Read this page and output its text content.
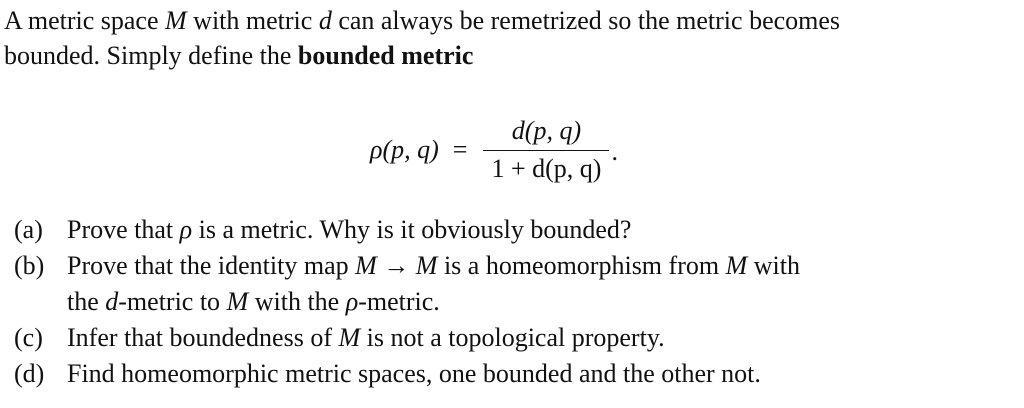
A metric space M with metric d can always be remetrized so the metric becomes
bounded. Simply define the bounded metric
ρ(p, $q) = \frac{d(p, q)}{1 + d(p, q)}$ .
(a) Prove that ρ is a metric. Why is it obviously bounded?
(b) Prove that the identity map M → M is a homeomorphism from M with
the d-metric to M with the ρ-metric.
(c) Infer that boundedness of M is not a topological property.
(d) Find homeomorphic metric spaces, one bounded and the other not.
